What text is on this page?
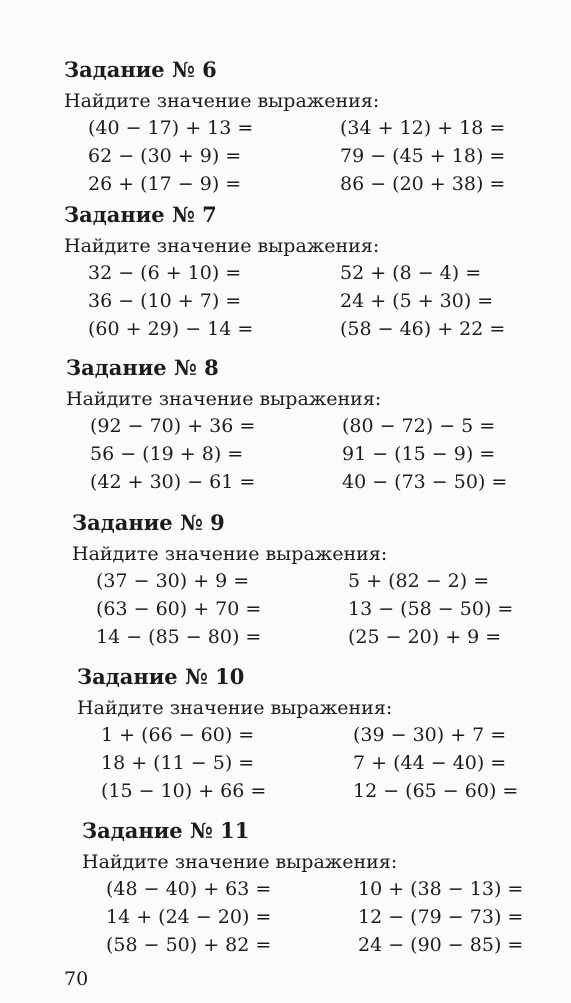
Задание № 6
Найдите значение выражения:
(40 − 17) + 13 =	(34 + 12) + 18 =
62 − (30 + 9) =	79 − (45 + 18) =
26 + (17 − 9) =	86 − (20 + 38) =
Задание № 7
Найдите значение выражения:
32 − (6 + 10) =	52 + (8 − 4) =
36 − (10 + 7) =	24 + (5 + 30) =
(60 + 29) − 14 =	(58 − 46) + 22 =
Задание № 8
Найдите значение выражения:
(92 − 70) + 36 =	(80 − 72) − 5 =
56 − (19 + 8) =	91 − (15 − 9) =
(42 + 30) − 61 =	40 − (73 − 50) =
Задание № 9
Найдите значение выражения:
(37 − 30) + 9 =	5 + (82 − 2) =
(63 − 60) + 70 =	13 − (58 − 50) =
14 − (85 − 80) =	(25 − 20) + 9 =
Задание № 10
Найдите значение выражения:
1 + (66 − 60) =	(39 − 30) + 7 =
18 + (11 − 5) =	7 + (44 − 40) =
(15 − 10) + 66 =	12 − (65 − 60) =
Задание № 11
Найдите значение выражения:
(48 − 40) + 63 =	10 + (38 − 13) =
14 + (24 − 20) =	12 − (79 − 73) =
(58 − 50) + 82 =	24 − (90 − 85) =
70
